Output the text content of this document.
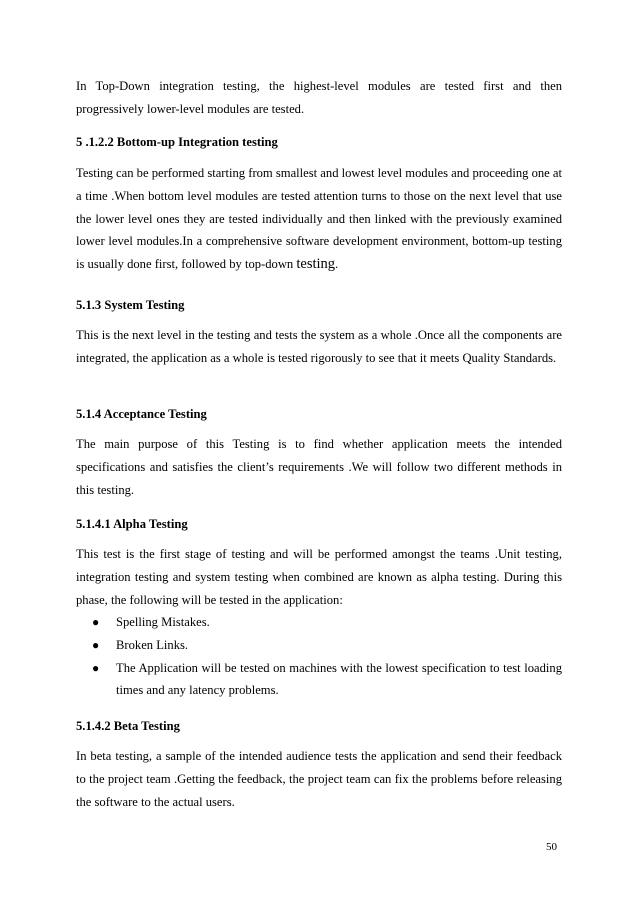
In Top-Down integration testing, the highest-level modules are tested first and then progressively lower-level modules are tested.

5 .1.2.2 Bottom-up Integration testing

Testing can be performed starting from smallest and lowest level modules and proceeding one at a time .When bottom level modules are tested attention turns to those on the next level that use the lower level ones they are tested individually and then linked with the previously examined lower level modules.In a comprehensive software development environment, bottom-up testing is usually done first, followed by top-down testing.

5.1.3 System Testing

This is the next level in the testing and tests the system as a whole .Once all the components are integrated, the application as a whole is tested rigorously to see that it meets Quality Standards.

5.1.4 Acceptance Testing

The main purpose of this Testing is to find whether application meets the intended specifications and satisfies the client’s requirements .We will follow two different methods in this testing.

5.1.4.1 Alpha Testing

This test is the first stage of testing and will be performed amongst the teams .Unit testing, integration testing and system testing when combined are known as alpha testing. During this phase, the following will be tested in the application:

● Spelling Mistakes.
● Broken Links.
● The Application will be tested on machines with the lowest specification to test loading times and any latency problems.
5.1.4.2 Beta Testing

In beta testing, a sample of the intended audience tests the application and send their feedback to the project team .Getting the feedback, the project team can fix the problems before releasing the software to the actual users.

50
